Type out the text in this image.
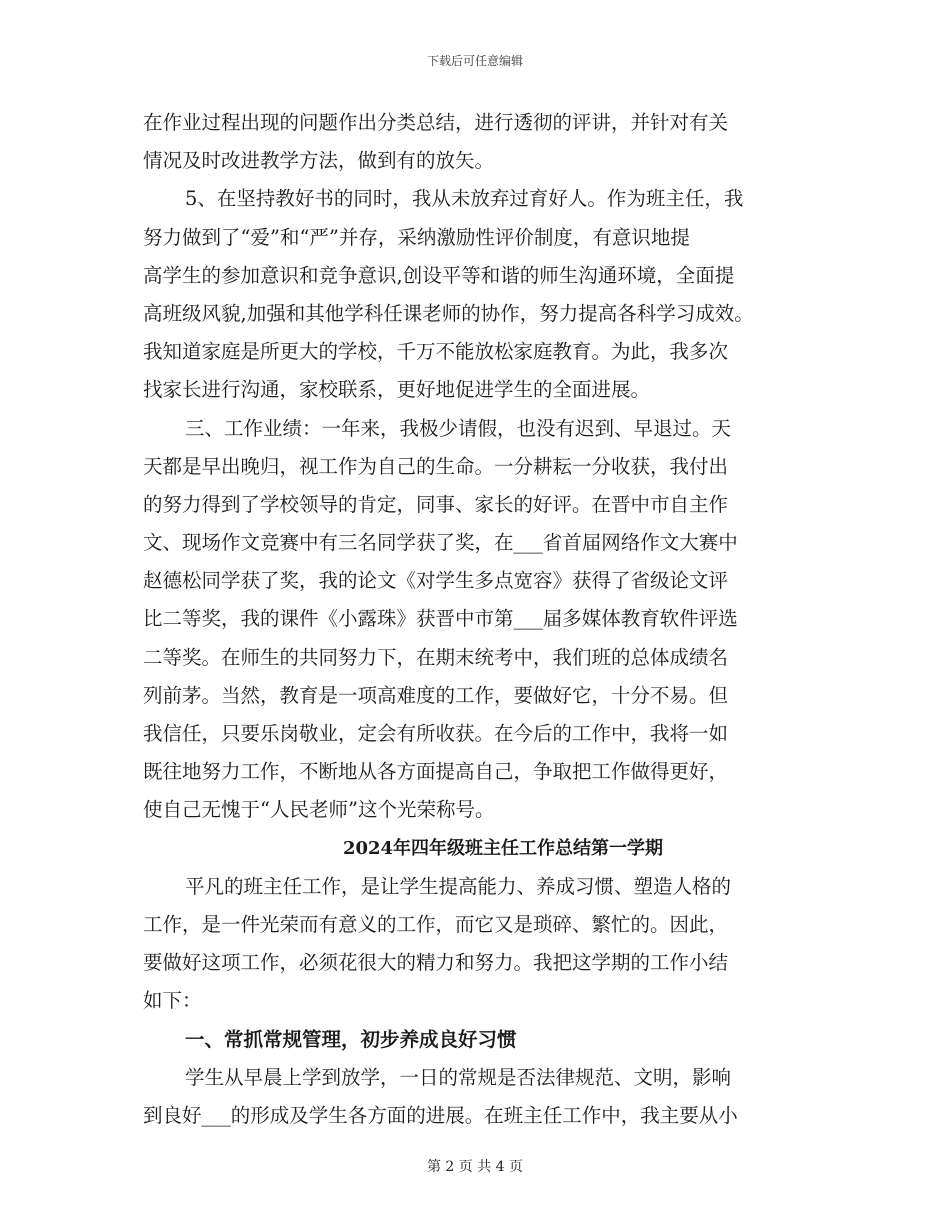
下载后可任意编辑
在作业过程出现的问题作出分类总结，进行透彻的评讲，并针对有关
情况及时改进教学方法，做到有的放矢。
5、在坚持教好书的同时，我从未放弃过育好人。作为班主任，我
努力做到了“爱”和“严”并存，采纳激励性评价制度，有意识地提
高学生的参加意识和竞争意识,创设平等和谐的师生沟通环境，全面提
高班级风貌,加强和其他学科任课老师的协作，努力提高各科学习成效。
我知道家庭是所更大的学校，千万不能放松家庭教育。为此，我多次
找家长进行沟通，家校联系，更好地促进学生的全面进展。
三、工作业绩：一年来，我极少请假，也没有迟到、早退过。天
天都是早出晚归，视工作为自己的生命。一分耕耘一分收获，我付出
的努力得到了学校领导的肯定，同事、家长的好评。在晋中市自主作
文、现场作文竞赛中有三名同学获了奖，在___省首届网络作文大赛中
赵德松同学获了奖，我的论文《对学生多点宽容》获得了省级论文评
比二等奖，我的课件《小露珠》获晋中市第___届多媒体教育软件评选
二等奖。在师生的共同努力下，在期末统考中，我们班的总体成绩名
列前茅。当然，教育是一项高难度的工作，要做好它，十分不易。但
我信任，只要乐岗敬业，定会有所收获。在今后的工作中，我将一如
既往地努力工作，不断地从各方面提高自己，争取把工作做得更好，
使自己无愧于“人民老师”这个光荣称号。
2024年四年级班主任工作总结第一学期
平凡的班主任工作，是让学生提高能力、养成习惯、塑造人格的
工作，是一件光荣而有意义的工作，而它又是琐碎、繁忙的。因此，
要做好这项工作，必须花很大的精力和努力。我把这学期的工作小结
如下：
一、常抓常规管理，初步养成良好习惯
学生从早晨上学到放学，一日的常规是否法律规范、文明，影响
到良好___的形成及学生各方面的进展。在班主任工作中，我主要从小
第 2 页 共 4 页
